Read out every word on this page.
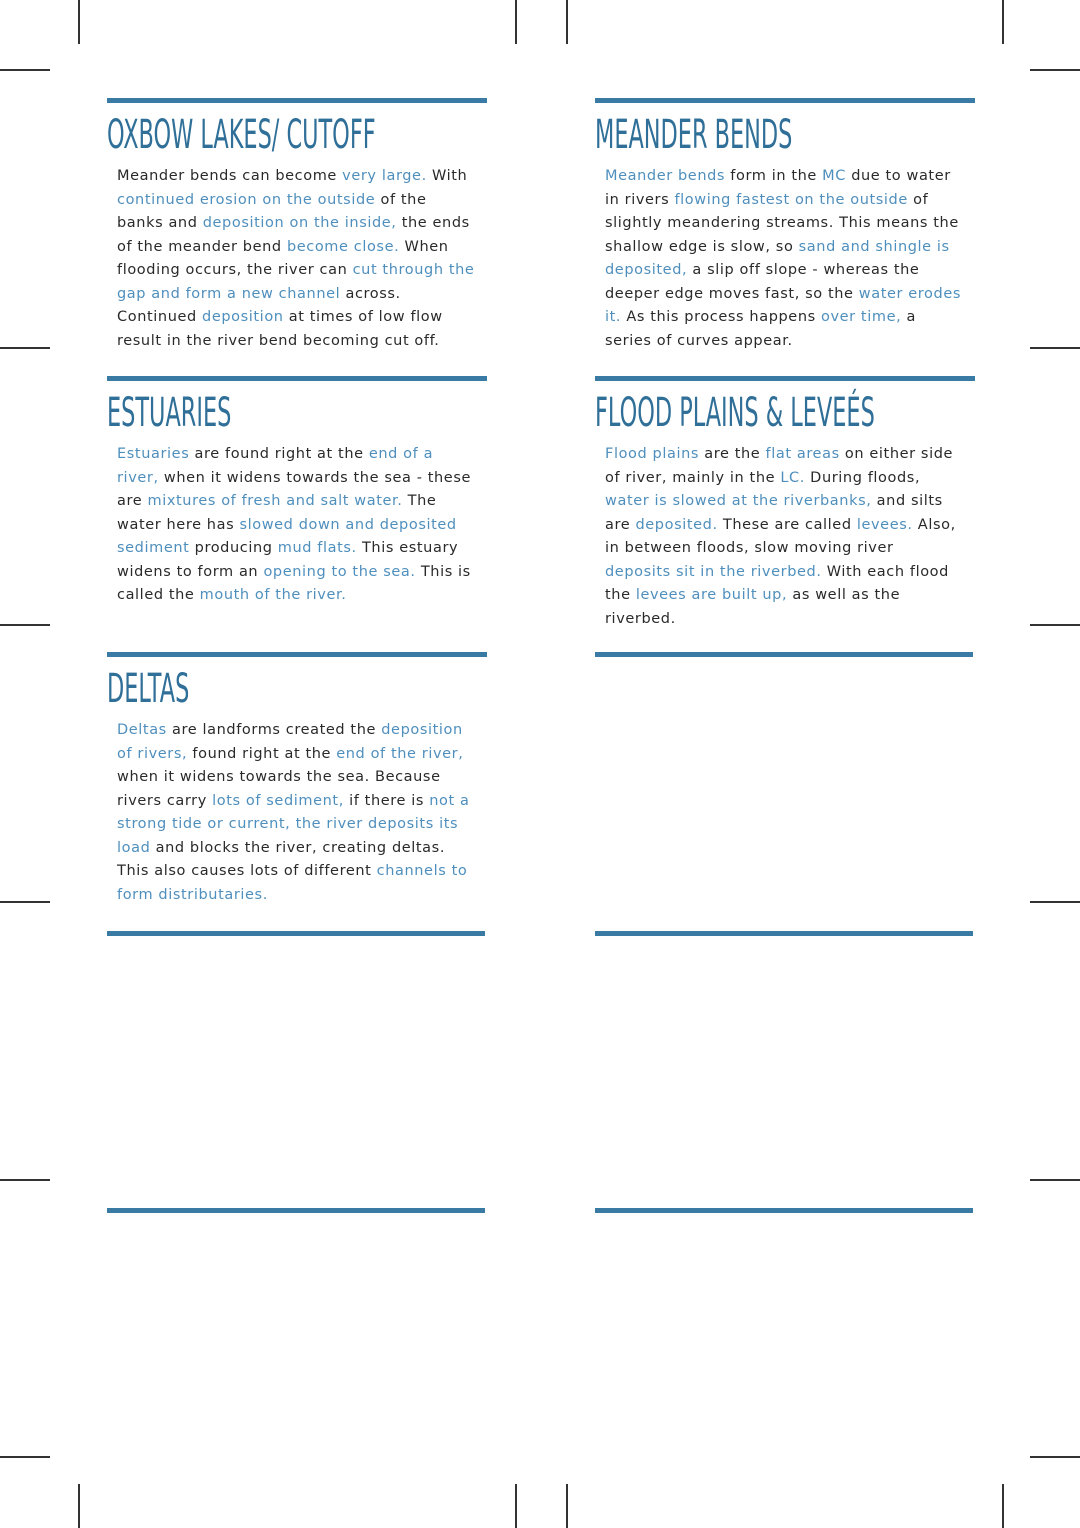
OXBOW LAKES/ CUTOFF

Meander bends can become very large. With continued erosion on the outside of the banks and deposition on the inside, the ends of the meander bend become close. When flooding occurs, the river can cut through the gap and form a new channel across. Continued deposition at times of low flow result in the river bend becoming cut off.

MEANDER BENDS

Meander bends form in the MC due to water in rivers flowing fastest on the outside of slightly meandering streams. This means the shallow edge is slow, so sand and shingle is deposited, a slip off slope - whereas the deeper edge moves fast, so the water erodes it. As this process happens over time, a series of curves appear.

ESTUARIES

Estuaries are found right at the end of a river, when it widens towards the sea - these are mixtures of fresh and salt water. The water here has slowed down and deposited sediment producing mud flats. This estuary widens to form an opening to the sea. This is called the mouth of the river.

FLOOD PLAINS & LEVEÉS

Flood plains are the flat areas on either side of river, mainly in the LC. During floods, water is slowed at the riverbanks, and silts are deposited. These are called levees. Also, in between floods, slow moving river deposits sit in the riverbed. With each flood the levees are built up, as well as the riverbed.

DELTAS

Deltas are landforms created the deposition of rivers, found right at the end of the river, when it widens towards the sea. Because rivers carry lots of sediment, if there is not a strong tide or current, the river deposits its load and blocks the river, creating deltas. This also causes lots of different channels to form distributaries.
